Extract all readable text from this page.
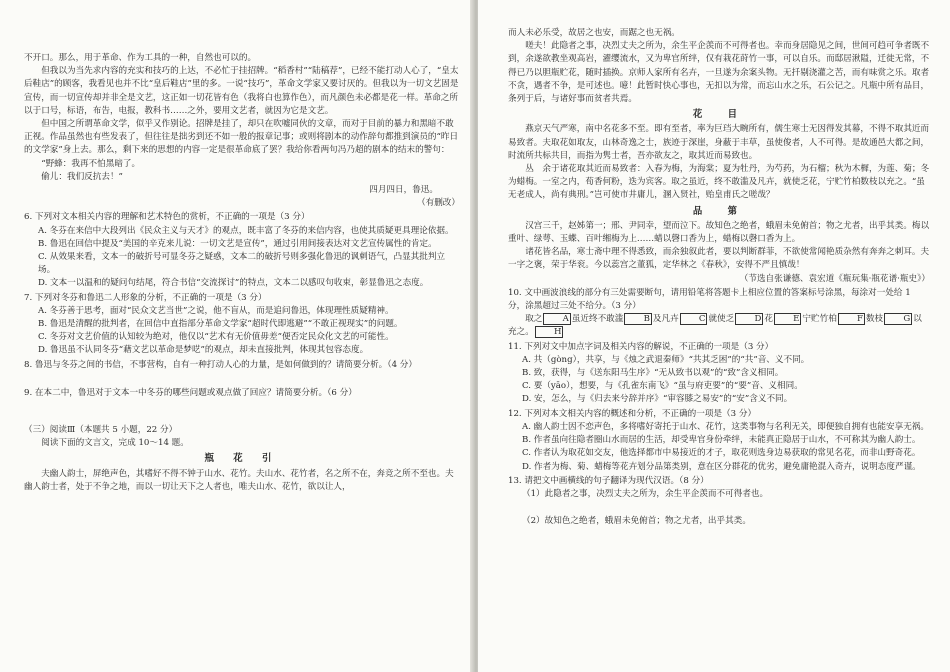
不开口。那么，用于革命、作为工具的一种，自然也可以的。

但我以为当先求内容的充实和技巧的上达，不必忙于挂招牌。“稻香村”“陆稿荐”，已经不能打动人心了，“皇太后鞋店”的顾客，我看见也并不比“皇后鞋店”里的多。一说“技巧”，革命文学家又要讨厌的。但我以为一切文艺固是宣传，而一切宣传却并非全是文艺，这正如一切花皆有色（我将白也算作色），而凡颜色未必都是花一样。革命之所以于口号，标语，布告，电报，教科书……之外，要用文艺者，就因为它是文艺。

但中国之所谓革命文学，似乎又作别论。招牌是挂了，却只在吹嘘同伙的文章，而对于目前的暴力和黑暗不敢正视。作品虽然也有些发表了，但往往是拙劣到还不如一般的报章记事；或则将剧本的动作辞句都推到演员的“昨日的文学家”身上去。那么，剩下来的思想的内容一定是很革命底了罢？我给你看两句冯乃超的剧本的结末的警句：

“野蜂：我再不怕黑暗了。

偷儿：我们反抗去！”

四月四日，鲁迅。

（有删改）

6. 下列对文本相关内容的理解和艺术特色的赏析，不正确的一项是（3 分）

A. 冬芬在来信中大段列出《民众主义与天才》的观点，既丰富了冬芬的来信内容，也使其质疑更具理论依据。

B. 鲁迅在回信中提及“美国的辛克来儿说：一切文艺是宣传”，通过引用间接表达对文艺宣传属性的肯定。

C. 从效果来看，文本一的破折号可显冬芬之疑惑，文本二的破折号则多强化鲁迅的讽刺语气，凸显其批判立场。

D. 文本一以温和的疑问句结尾，符合书信“交流探讨”的特点，文本二以感叹句收束，彰显鲁迅之态度。

7. 下列对冬芬和鲁迅二人形象的分析，不正确的一项是（3 分）

A. 冬芬善于思考，面对“民众文艺当世”之说，他不盲从，而是追问鲁迅，体现理性质疑精神。

B. 鲁迅是清醒的批判者，在回信中直指部分革命文学家“超时代即逃避”“不敢正视现实”的问题。

C. 冬芬对文艺价值的认知较为绝对，他仅以“艺术有无价值毋差”便否定民众化文艺的可能性。

D. 鲁迅虽不认同冬芬“藉文艺以革命是梦呓”的观点，却未直接批判，体现其包容态度。

8. 鲁迅与冬芬之间的书信，不事营构，自有一种打动人心的力量，是如何做到的？请简要分析。（4 分）

9. 在本二中，鲁迅对于文本一中冬芬的哪些问题或观点做了回应？请简要分析。（6 分）

（三）阅读Ⅲ（本题共 5 小题，22 分）

阅读下面的文言文，完成 10～14 题。

瓶 花 引

夫幽人韵士，屏绝声色，其嗜好不得不钟于山水、花竹。夫山水、花竹者，名之所不在，奔竞之所不至也。夫幽人韵士者，处于不争之地，而以一切让天下之人者也，唯夫山水、花竹，欲以让人，

而人未必乐受，故居之也安，而踞之也无祸。

嗟夫！此隐者之事，决烈丈夫之所为，余生平企羡而不可得者也。幸而身居隐见之间，世间可趋可争者既不到，余遂欲教坐观高岩，濯缨流水，又为卑官所绊，仅有栽花莳竹一事，可以自乐。而邸居湫隘，迁徙无常，不得已乃以胆瓶贮花，随时插换。京师人家所有名卉，一旦遂为余案头物。无扦剔浇灌之苦，而有味赏之乐。取者不贪，遇者不争，是可述也。噫！此暂时快心事也，无扣以为常，而忘山水之乐，石公记之。凡瓶中所有品目，条列于后，与诸好事而贫者共焉。

花　目

燕京天气严寒，南中名花多不至。即有至者，率为巨珰大畹所有，儒生寒士无因得发其幕，不得不取其近而易致者。夫取花如取友，山林奇逸之士，族迹于深崖，身蔽于丰草，虽使俊者，人不可得。是故通邑大都之间，时流所共标共目，而指为隽士者，吾亦欲友之，取其近而易致也。

丛　余于诸花取其近而易致者：入春为梅，为海棠；夏为牡丹，为芍药，为石榴；秋为木樨，为莲、菊；冬为蜡梅。一室之内，荀香何粉，迭为宾客。取之虽近，终不敢滥及凡卉，就使乏花，宁贮竹柏数枝以充之。“虽无老成人，尚有典刑。”岂可使市井庸儿，溷入贤社，贻皇甫氏之嗟哉？

品　第

汉宫三千，赵姊第一；邢、尹同幸，望而泣下。故知色之绝者，蛾眉未免俯首；物之尤者，出乎其类。梅以重叶、绿萼、玉蝶、百叶缃梅为上……蜡以磬口香为上，蜡梅以磬口香为上。

诸花皆名品，寒士斋中理不得悉致，而余独叙此者，要以判断群菲，不欲使常闻艳质杂然有奔奔之刺耳。夫一字之褒，荣于华衮。今以蕊宫之董狐，定华林之《春秋》，安得不严且慎哉！

（节选自张谦德、袁宏道《瓶玩集·瓶花谱·瓶史》）

10. 文中画波浪线的部分有三处需要断句，请用铅笔将答题卡上相应位置的答案标号涂黑，每涂对一处给 1 分，涂黑超过三处不给分。（3 分）

取之 A 虽近终不敢滥 B 及凡卉 C 就使乏 D 花 E 宁贮竹柏 F 数枝 G 以充之。 H

11. 下列对文中加点字词及相关内容的解说，不正确的一项是（3 分）

A. 共（gòng），共享，与《烛之武退秦师》“共其乏困”的“共”音、义不同。

B. 致，获得，与《送东阳马生序》“无从致书以观”的“致”含义相同。

C. 要（yāo），想要，与《孔雀东南飞》“虽与府吏要”的“要”音、义相同。

D. 安，怎么，与《归去来兮辞并序》“审容膝之易安”的“安”含义不同。

12. 下列对本文相关内容的概述和分析，不正确的一项是（3 分）

A. 幽人韵士因不恋声色，多将嗜好寄托于山水、花竹，这类事物与名利无关，即便独自拥有也能安享无祸。

B. 作者虽向往隐者圈山水而居的生活，却受卑官身份牵绊，未能真正隐居于山水，不可称其为幽人韵士。

C. 作者认为取花如交友，他选择都市中易接近的才子，取花则选身边易获取的常见名花，而非山野奇花。

D. 作者为梅、菊、蜡梅等花卉划分品第类别，意在区分群花的优劣，避免庸艳混入奇卉，说明态度严谨。

13. 请把文中画横线的句子翻译为现代汉语。（8 分）

（1）此隐者之事，决烈丈夫之所为，余生平企羡而不可得者也。

（2）故知色之绝者，蛾眉未免俯首；物之尤者，出乎其类。
